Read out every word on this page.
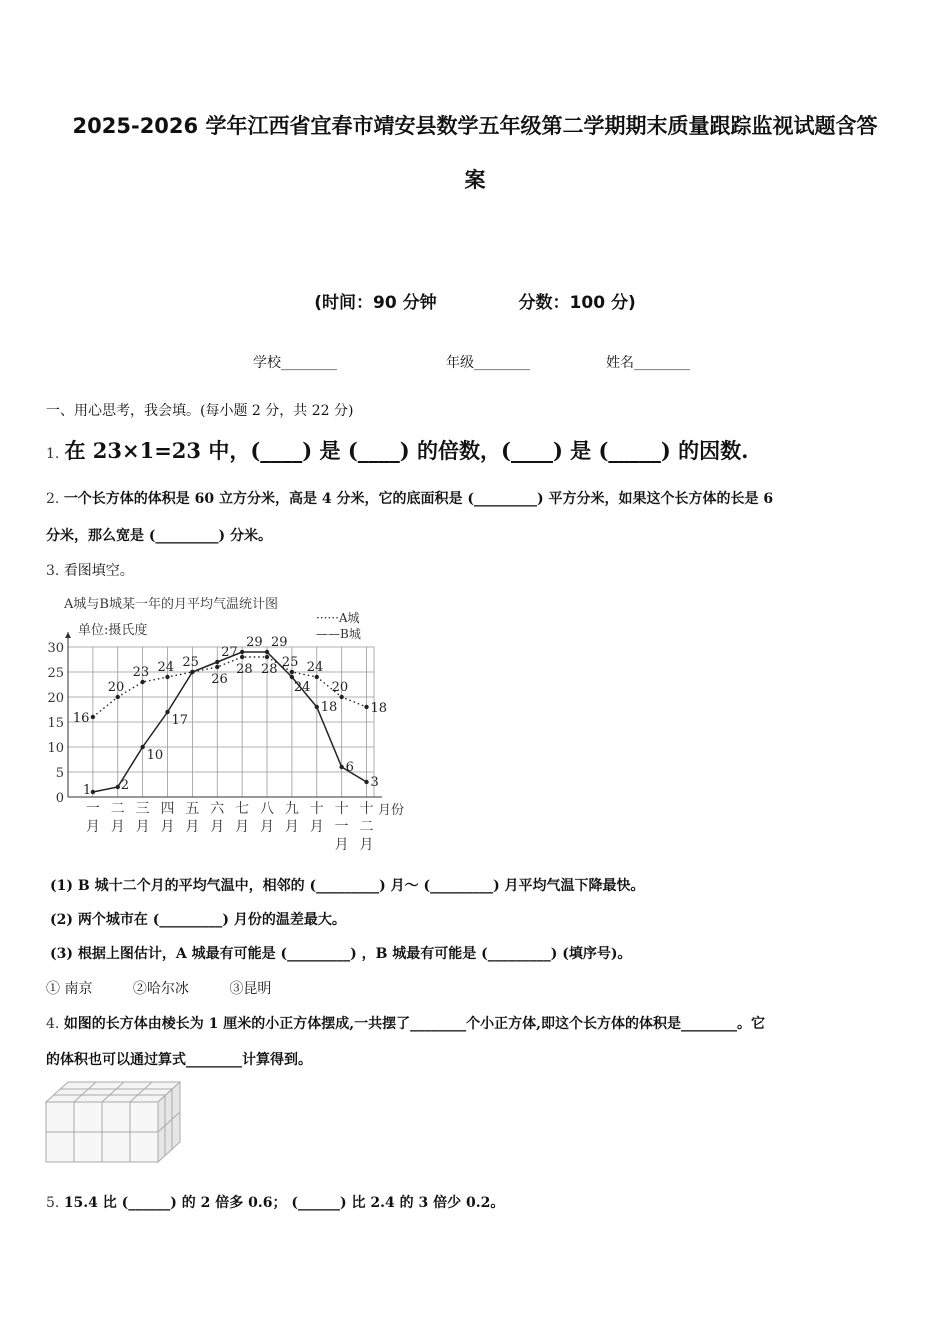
2025-2026 学年江西省宜春市靖安县数学五年级第二学期期末质量跟踪监视试题含答
案
(时间：90 分钟	分数：100 分)
学校________	年级________	姓名________
一、用心思考，我会填。(每小题 2 分，共 22 分)
1. 在 23×1=23 中，(____) 是 (____) 的倍数，(____) 是 (_____) 的因数.
2. 一个长方体的体积是 60 立方分米，高是 4 分米，它的底面积是 (_________) 平方分米，如果这个长方体的长是 6
分米，那么宽是 (_________) 分米。
3. 看图填空。
A城与B城某一年的月平均气温统计图
单位:摄氏度
······A城
——B城
月份
0
5
10
15
20
25
30
一月
二月
三月
四月
五月
六月
七月
八月
九月
十月
十一月
十二月
16
20
23 24 25
26
28 28 25 24
20
18
1 2
10
17
27
29 29
24
18
6
3
(1) B 城十二个月的平均气温中，相邻的 (_________) 月～ (_________) 月平均气温下降最快。
(2) 两个城市在 (_________) 月份的温差最大。
(3) 根据上图估计，A 城最有可能是 (_________) ，B 城最有可能是 (_________) (填序号)。
① 南京	②哈尔冰	③昆明
4. 如图的长方体由棱长为 1 厘米的小正方体摆成,一共摆了________个小正方体,即这个长方体的体积是________。它
的体积也可以通过算式________计算得到。
5. 15.4 比 (______) 的 2 倍多 0.6； (______) 比 2.4 的 3 倍少 0.2。
